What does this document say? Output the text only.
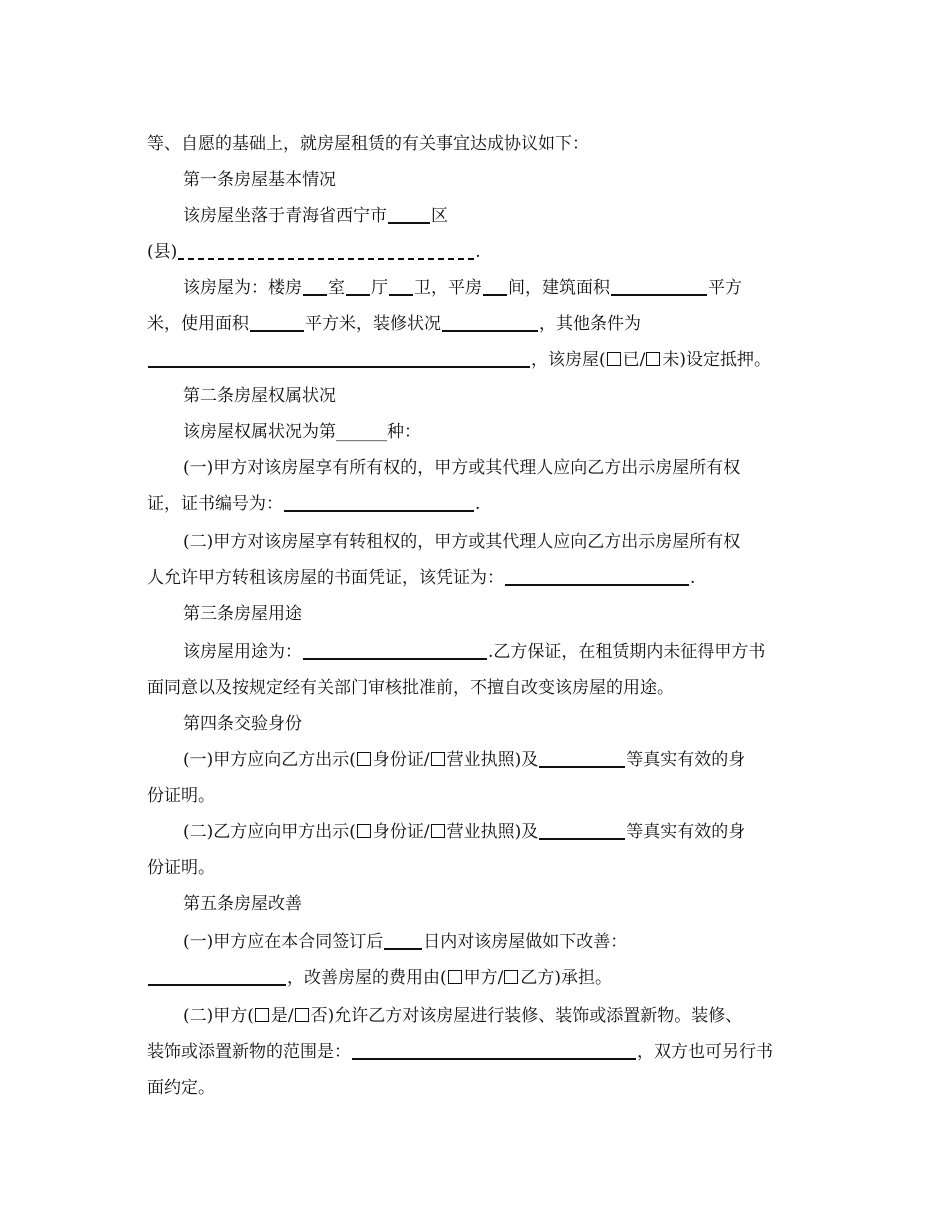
等、自愿的基础上，就房屋租赁的有关事宜达成协议如下：
第一条房屋基本情况
该房屋坐落于青海省西宁市	区
(县)	.
该房屋为：楼房 室 厅 卫，平房 间，建筑面积	平方
米，使用面积	平方米，装修状况	，其他条件为
，该房屋( 已/ 未)设定抵押。
第二条房屋权属状况
该房屋权属状况为第______种：
(一)甲方对该房屋享有所有权的，甲方或其代理人应向乙方出示房屋所有权
证，证书编号为：	.
(二)甲方对该房屋享有转租权的，甲方或其代理人应向乙方出示房屋所有权
人允许甲方转租该房屋的书面凭证，该凭证为：	.
第三条房屋用途
该房屋用途为：	.乙方保证，在租赁期内未征得甲方书
面同意以及按规定经有关部门审核批准前，不擅自改变该房屋的用途。
第四条交验身份
(一)甲方应向乙方出示( 身份证/ 营业执照)及	等真实有效的身
份证明。
(二)乙方应向甲方出示( 身份证/ 营业执照)及	等真实有效的身
份证明。
第五条房屋改善
(一)甲方应在本合同签订后 日内对该房屋做如下改善：
，改善房屋的费用由( 甲方/ 乙方)承担。
(二)甲方( 是/ 否)允许乙方对该房屋进行装修、装饰或添置新物。装修、
装饰或添置新物的范围是：	，双方也可另行书
面约定。
